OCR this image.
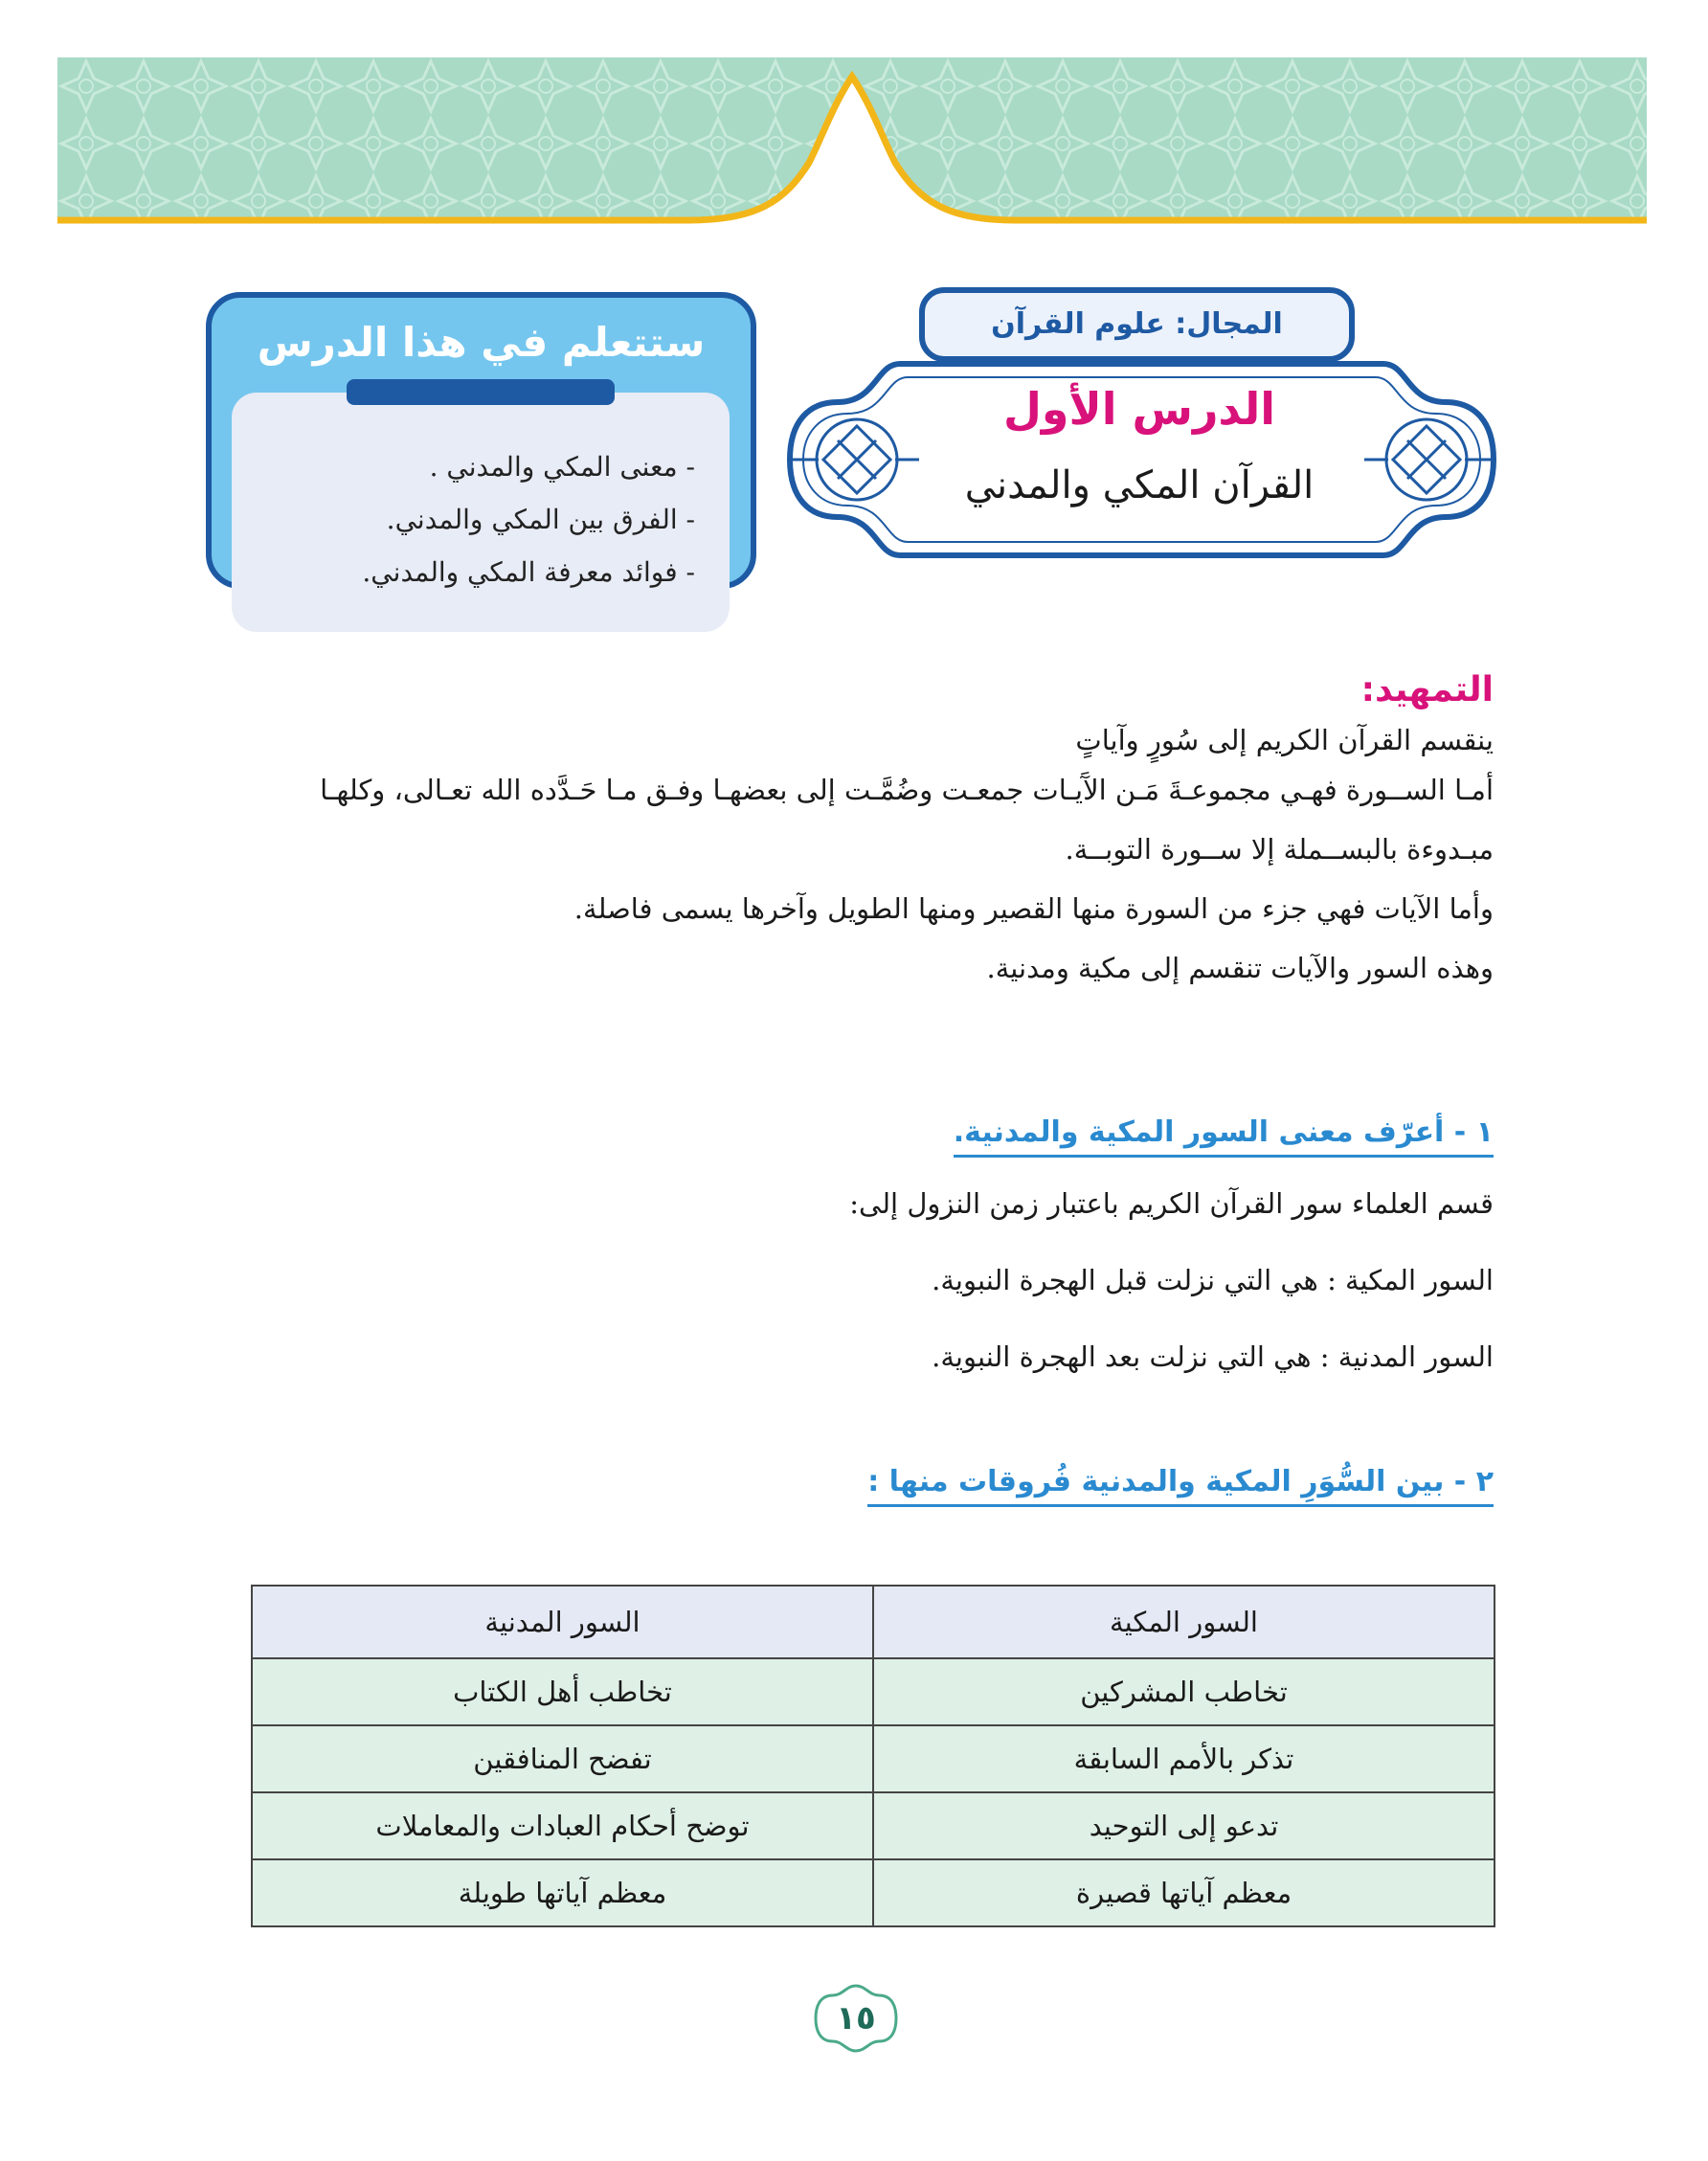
ستتعلم في هذا الدرس
- معنى المكي والمدني .
- الفرق بين المكي والمدني.
- فوائد معرفة المكي والمدني.
المجال: علوم القرآن
الدرس الأول
القرآن المكي والمدني
التمهيد:
ينقسم القرآن الكريم إلى سُورٍ وآياتٍ
أمـا الســورة فهـي مجموعـةَ مَـن الآَيـات جمعـت وضُمَّـت إلى بعضهـا وفـق مـا حَـدَّده الله تعـالى، وكلهـا
مبـدوءة بالبســملة إلا ســورة التوبــة.
وأما الآيات فهي جزء من السورة منها القصير ومنها الطويل وآخرها يسمى فاصلة.
وهذه السور والآيات تنقسم إلى مكية ومدنية.
١ - أعرّف معنى السور المكية والمدنية.
قسم العلماء سور القرآن الكريم باعتبار زمن النزول إلى:
السور المكية : هي التي نزلت قبل الهجرة النبوية.
السور المدنية : هي التي نزلت بعد الهجرة النبوية.
٢ - بين السُّوَرِ المكية والمدنية فُروقات منها :
السور المكية	السور المدنية
تخاطب المشركين	تخاطب أهل الكتاب
تذكر بالأمم السابقة	تفضح المنافقين
تدعو إلى التوحيد	توضح أحكام العبادات والمعاملات
معظم آياتها قصيرة	معظم آياتها طويلة
١٥
